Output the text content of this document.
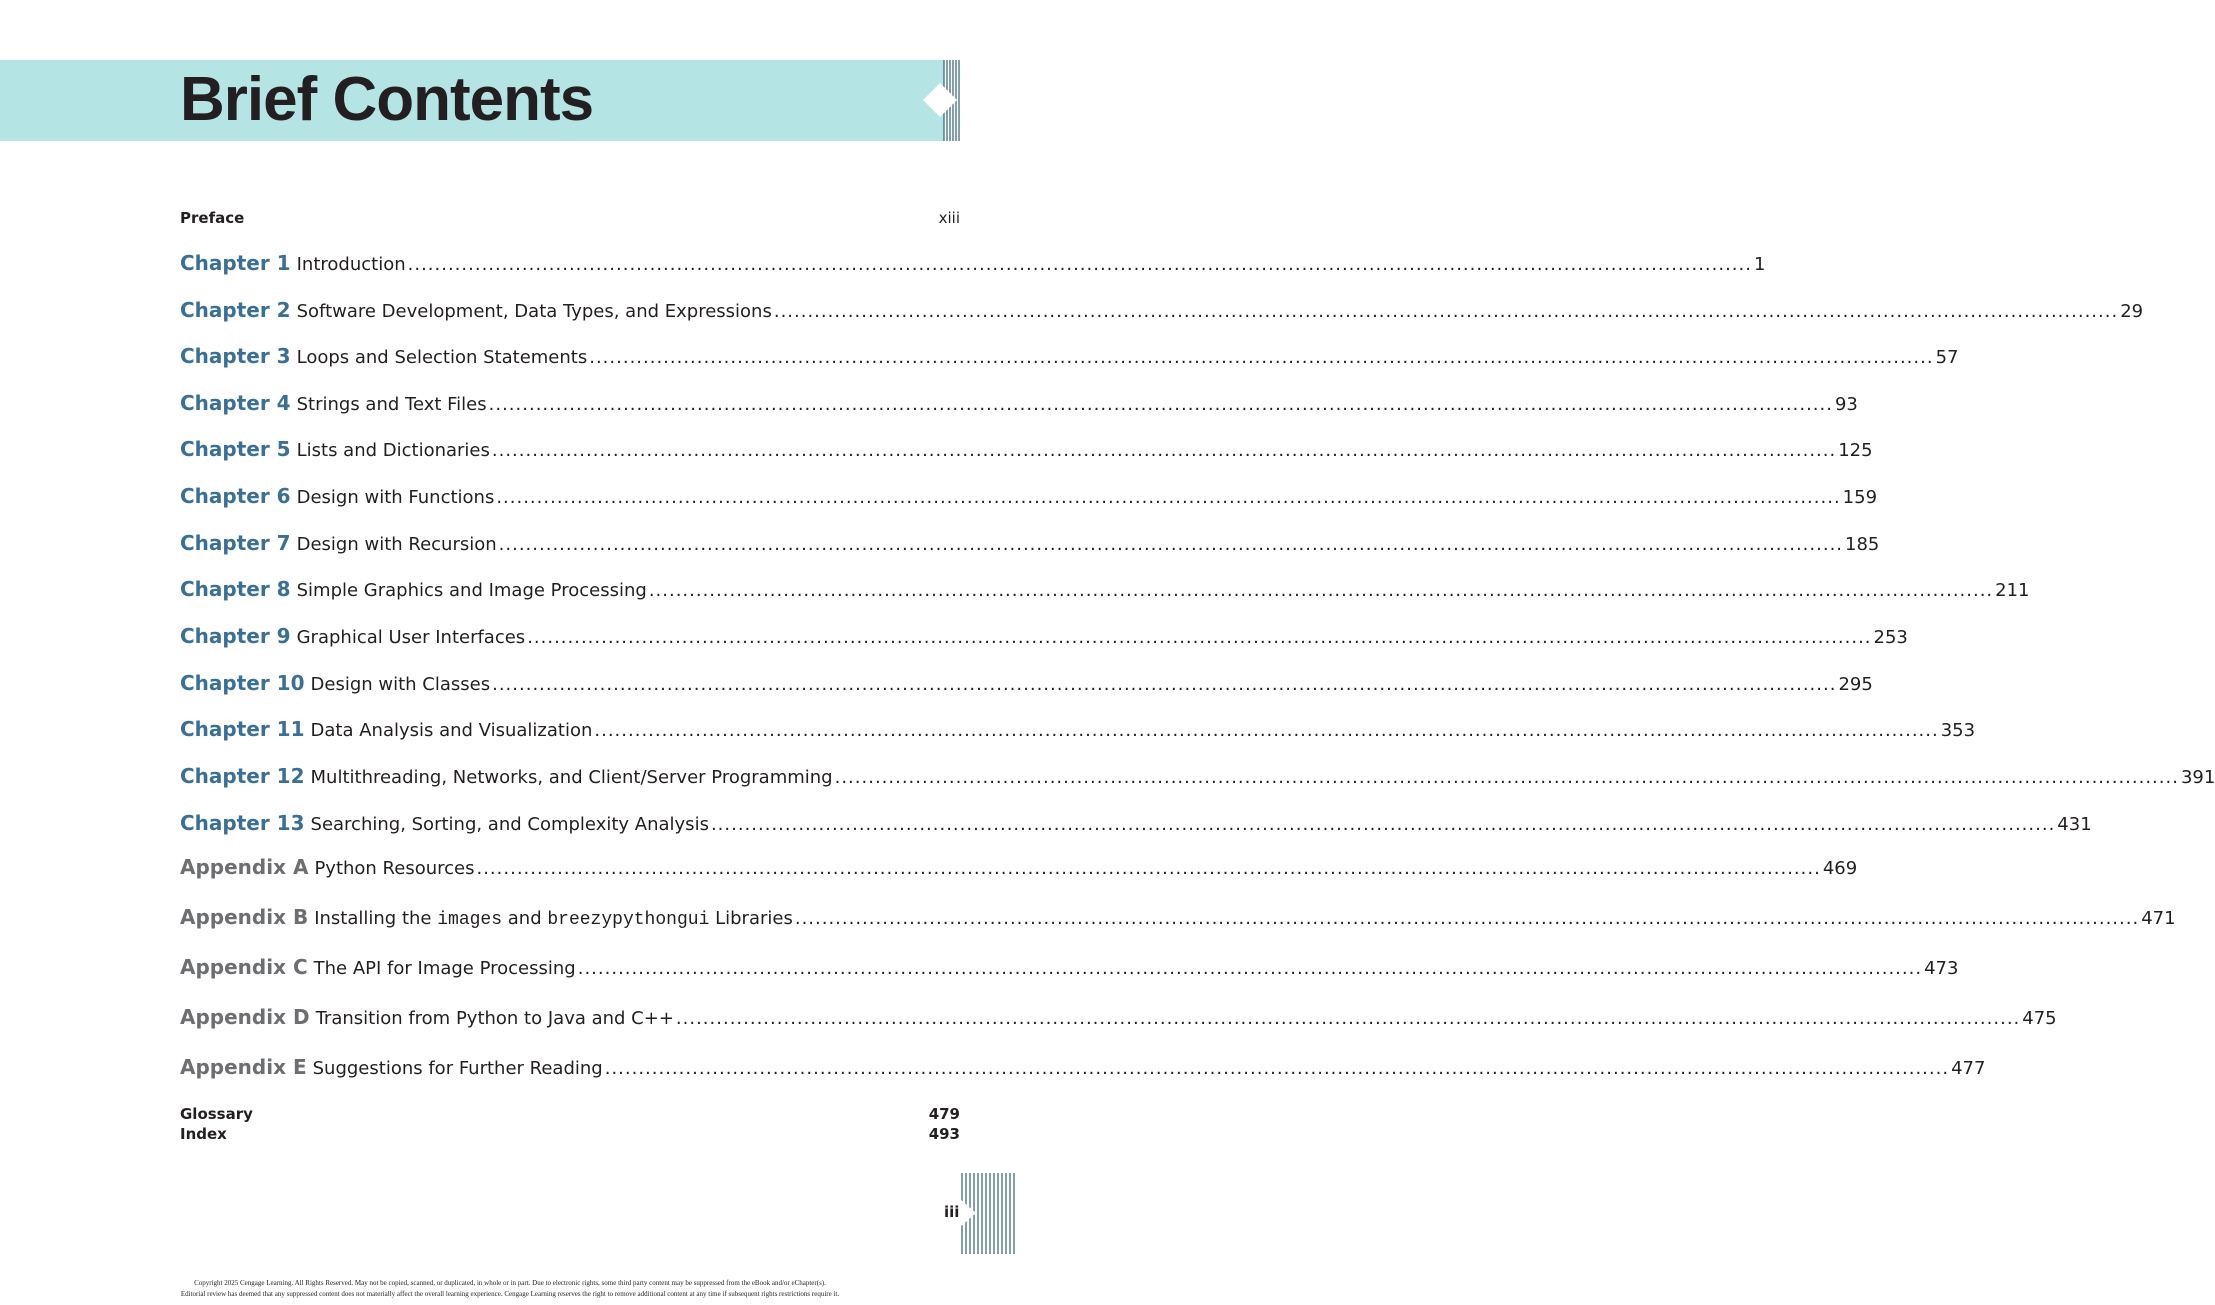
Brief Contents
Preface	xiii
Chapter 1 Introduction ........................................................................................................................................................................................................ 1
Chapter 2 Software Development, Data Types, and Expressions ........................................................................................................................................................................................................ 29
Chapter 3 Loops and Selection Statements ........................................................................................................................................................................................................ 57
Chapter 4 Strings and Text Files ........................................................................................................................................................................................................ 93
Chapter 5 Lists and Dictionaries ........................................................................................................................................................................................................ 125
Chapter 6 Design with Functions ........................................................................................................................................................................................................ 159
Chapter 7 Design with Recursion ........................................................................................................................................................................................................ 185
Chapter 8 Simple Graphics and Image Processing ........................................................................................................................................................................................................ 211
Chapter 9 Graphical User Interfaces ........................................................................................................................................................................................................ 253
Chapter 10 Design with Classes ........................................................................................................................................................................................................ 295
Chapter 11 Data Analysis and Visualization ........................................................................................................................................................................................................ 353
Chapter 12 Multithreading, Networks, and Client/Server Programming ........................................................................................................................................................................................................ 391
Chapter 13 Searching, Sorting, and Complexity Analysis ........................................................................................................................................................................................................ 431
Appendix A Python Resources ........................................................................................................................................................................................................ 469
Appendix B Installing the images and breezypythongui Libraries ........................................................................................................................................................................................................ 471
Appendix C The API for Image Processing ........................................................................................................................................................................................................ 473
Appendix D Transition from Python to Java and C++ ........................................................................................................................................................................................................ 475
Appendix E Suggestions for Further Reading ........................................................................................................................................................................................................ 477
Glossary	479
Index	493
iii
Copyright 2025 Cengage Learning. All Rights Reserved. May not be copied, scanned, or duplicated, in whole or in part. Due to electronic rights, some third party content may be suppressed from the eBook and/or eChapter(s).
Editorial review has deemed that any suppressed content does not materially affect the overall learning experience. Cengage Learning reserves the right to remove additional content at any time if subsequent rights restrictions require it.
